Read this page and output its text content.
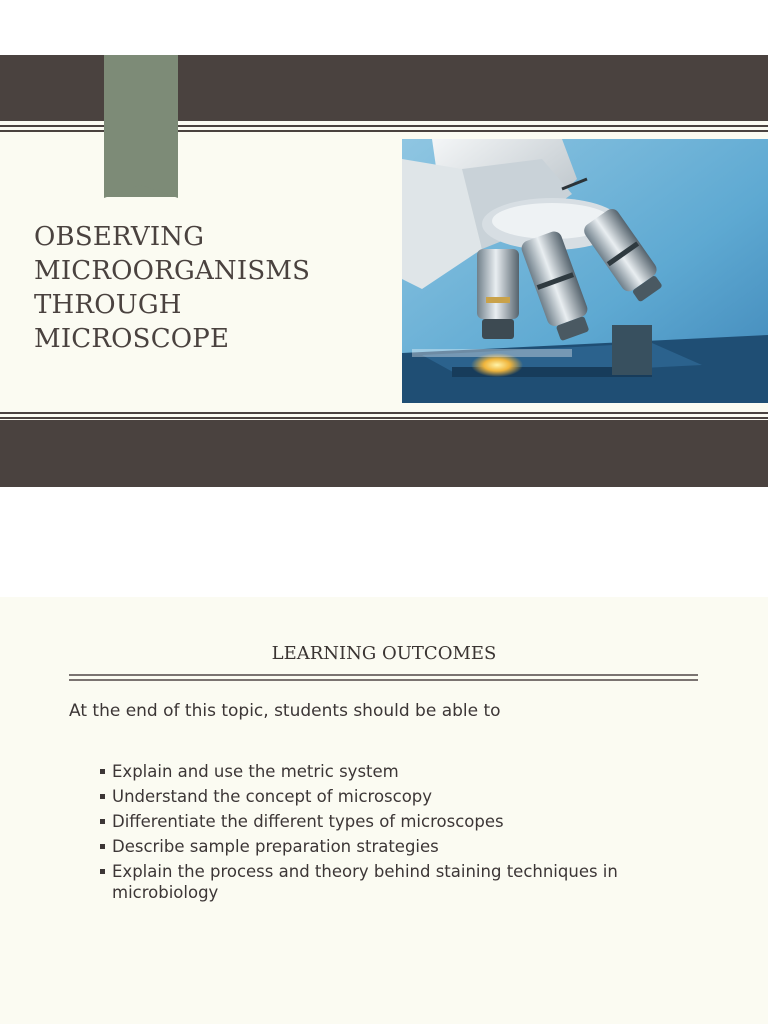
OBSERVING
MICROORGANISMS
THROUGH
MICROSCOPE
LEARNING OUTCOMES

At the end of this topic, students should be able to

Explain and use the metric system
Understand the concept of microscopy
Differentiate the different types of microscopes
Describe sample preparation strategies
Explain the process and theory behind staining techniques in microbiology
